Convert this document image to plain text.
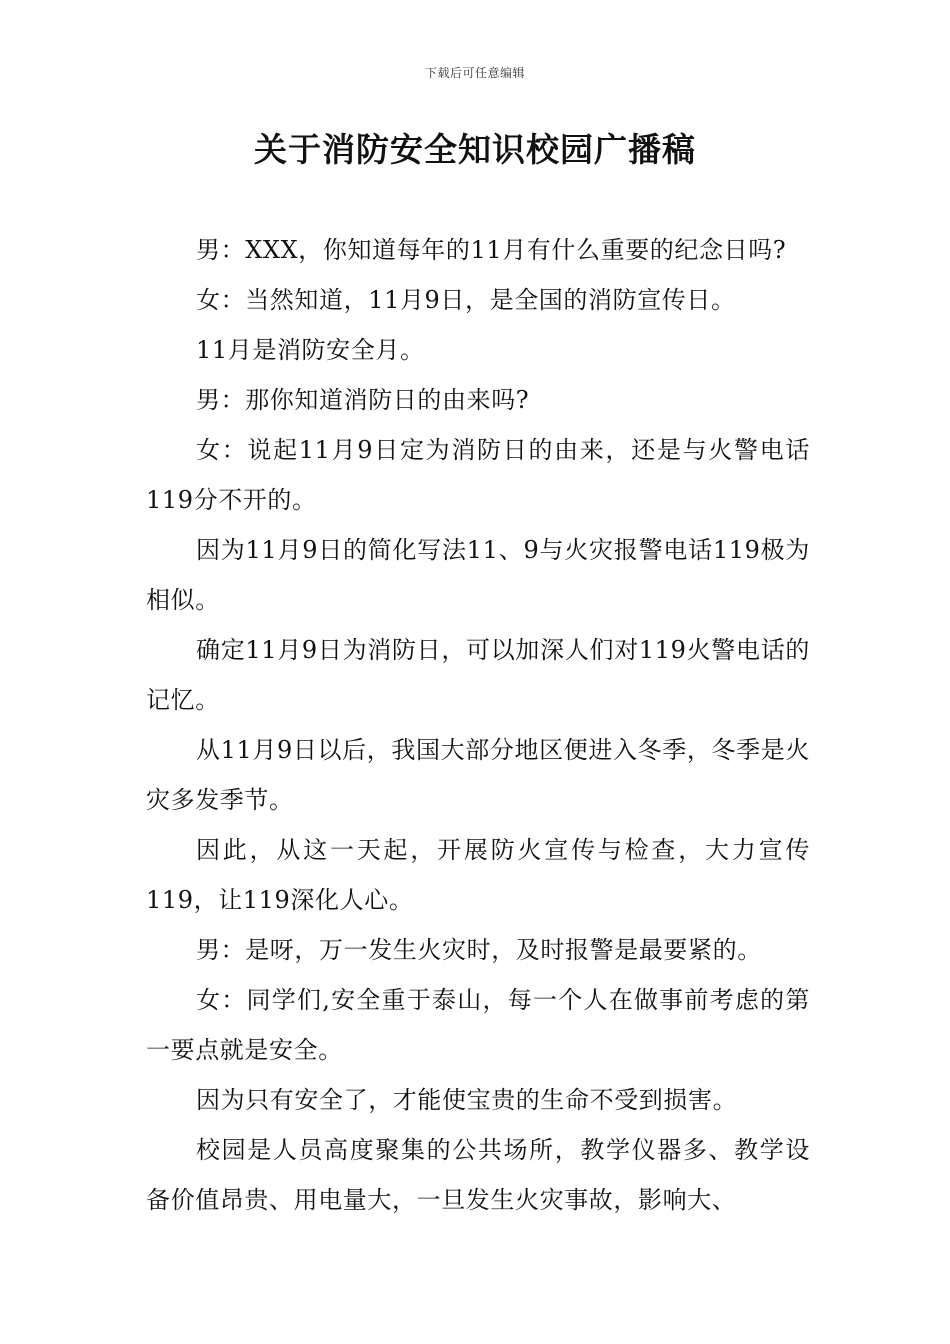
下载后可任意编辑
关于消防安全知识校园广播稿

男：XXX，你知道每年的11月有什么重要的纪念日吗?

女：当然知道，11月9日，是全国的消防宣传日。

11月是消防安全月。

男：那你知道消防日的由来吗?

女：说起11月9日定为消防日的由来，还是与火警电话119分不开的。

因为11月9日的简化写法11、9与火灾报警电话119极为相似。

确定11月9日为消防日，可以加深人们对119火警电话的记忆。

从11月9日以后，我国大部分地区便进入冬季，冬季是火灾多发季节。

因此，从这一天起，开展防火宣传与检查，大力宣传119，让119深化人心。

男：是呀，万一发生火灾时，及时报警是最要紧的。

女：同学们,安全重于泰山，每一个人在做事前考虑的第一要点就是安全。

因为只有安全了，才能使宝贵的生命不受到损害。

校园是人员高度聚集的公共场所，教学仪器多、教学设备价值昂贵、用电量大，一旦发生火灾事故，影响大、
